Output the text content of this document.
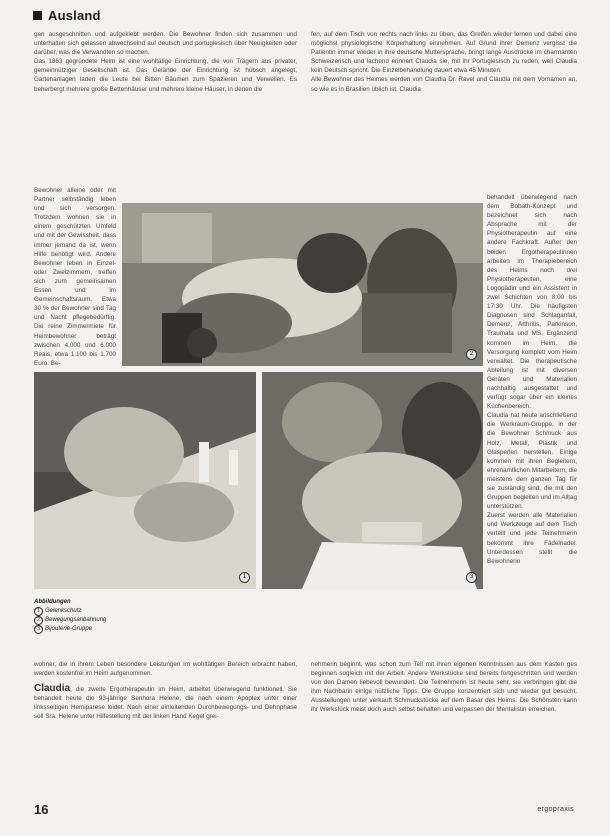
Ausland

gen ausgeschnitten und aufgeklebt werden. Die Bewohner finden sich zusammen und unterhalten sich gelassen abwechselnd auf deutsch und portugiesisch über Neuigkeiten oder darüber, was die Verwandten so machen.

Das 1863 gegründete Heim ist eine wohltätige Einrichtung, die von Trägern aus privater, gemeinnütziger Gesellschaft ist. Das Gelände der Einrichtung ist hübsch angelegt, Gartenanlagen laden die Leute bei Bitten Bäumen zum Spazieren und Verweilen. Es beherbergt mehrere große Bettenhäuser und mehrere kleine Häuser, in denen die

Bewohner alleine oder mit Partner selbständig leben und sich versorgen. Trotzdem wohnen sie in einem geschützten Umfeld und mit der Gewissheit, dass immer jemand da ist, wenn Hilfe benötigt wird. Andere Bewohner leben in Einzel- oder Zweizimmern, treffen sich zum gemeinsamen Essen und im Gemeinschaftsraum. Etwa 30 % der Bewohner sind Tag und Nacht pflegebedürftig. Die reine Zimmermiete für Heimbewohner beträgt zwischen 4.000 und 6.000 Reais, etwa 1.100 bis 1.700 Euro. Be-

fen, auf dem Tisch von rechts nach links zu üben, das Greifen wieder lernen und dabei eine möglichst physiologische Körperhaltung einnehmen. Auf Grund ihrer Demenz vergisst die Patientin immer wieder in ihre deutsche Muttersprache, bringt lange Ausdrücke im charmanten Schweizerisch und lachend erinnert Claudia sie, mit ihr Portugiesisch zu reden, weil Claudia kein Deutsch spricht. Die Einzelbehandlung dauert etwa 45 Minuten.

Alle Bewohner des Heimes werden von Claudia Dr. Ravel und Claudia mit dem Vornamen an, so wie es in Brasilien üblich ist. Claudia

behandelt überwiegend nach dem Bobath-Konzept und bezeichnet sich nach Absprache mit der Physiotherapeutin auf eine andere Fachkraft. Außer den beiden Ergotherapeutinnen arbeiten im Therapiebereich des Heims noch drei Physiotherapeuten, eine Logopädin und ein Assistent in zwei Schichten von 8:00 bis 17:30 Uhr. Die häufigsten Diagnosen sind Schlaganfall, Demenz, Arthritis, Parkinson, Traumata und MS. Ergänzend kommen im Heim, die Versorgung komplett vom Heim verwaltet. Die therapeutische Abteilung ist mit diversen Geräten und Materialien nachhaltig ausgestattet und verfügt sogar über ein kleines Küchenbereich.

Claudia hat heute anschließend die Werkraum-Gruppe, in der die Bewohner Schmuck aus Holz, Metall, Plastik und Glasperlen herstellen. Einige kommen mit ihren Begleitern, ehrenamtlichen Mitarbeitern, die meistens den ganzen Tag für sie zuständig sind, die mit den Gruppen begleiten und im Alltag unterstützen.

Zuerst werden alle Materialien und Werkzeuge auf dem Tisch verteilt und jede Teilnehmerin bekommt ihre Fädelnadel. Unterdessen stellt die Bewohnerin

2
1	3
Abbildungen
1 Gelenkschutz
2 Bewegungsanbahnung
3 Bijouterie-Gruppe

wohner, die in ihrem Leben besondere Leistungen im wohltätigen Bereich erbracht haben, werden kostenfrei im Heim aufgenommen.

Claudia, die zweite Ergotherapeutin im Heim, arbeitet überwiegend funktionell. Sie behandelt heute die 93-jährige Senhora Helene, die nach einem Apoplex unter einer linksseitigen Hemiparese leidet. Nach einer einleitenden Durchbewegungs- und Dehnphase soll Sra. Helene unter Hilfestellung mit der linken Hand Kegel grei-

nehmerin beginnt, was schon zum Teil mit ihren eigenen Kenntnissen aus dem Kasten ges beginnen sogleich mit der Arbeit. Andere Werkstücke sind bereits fortgeschritten und werden von den Damen liebevoll bewundert. Die Teilnehmerin ist heute sehr, sie verbringen gibt die ihm Nachbarin einige nützliche Tipps. Die Gruppe konzentriert sich und wieder gut besucht. Ausstellungen unter verkauft Schmuckstücke auf dem Basar des Heims. Die Schönsten kann ihr Werkstück meist doch auch selbst behalten und verpassen der Mentalistin erreichen.

16	ergopraxis
